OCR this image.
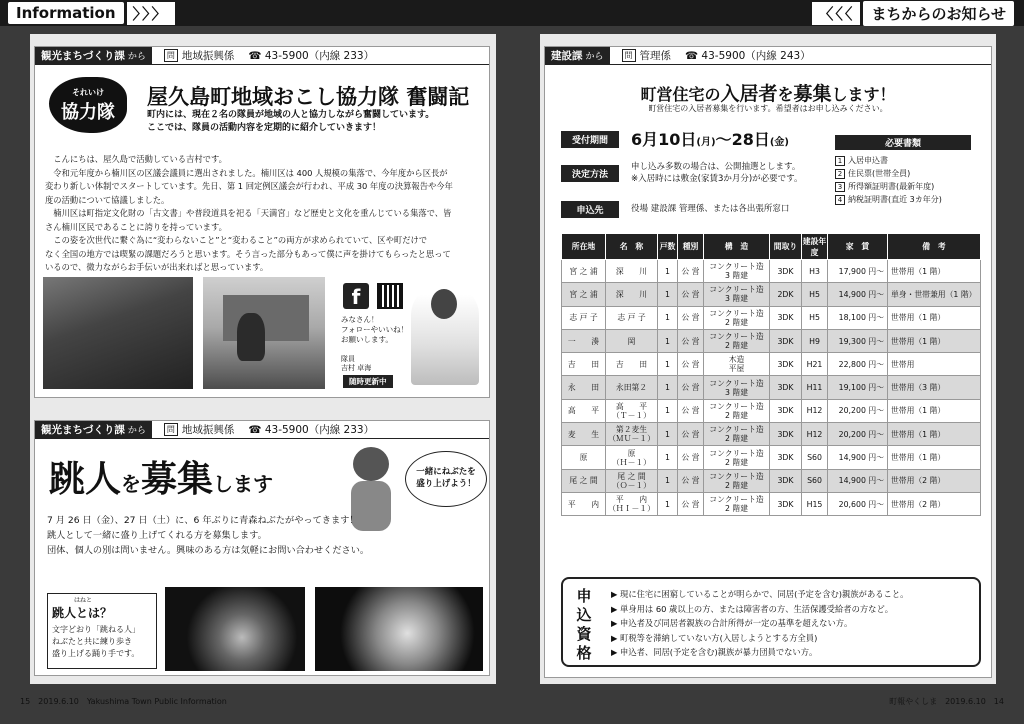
Information	〉〉〉	〈〈〈	まちからのお知らせ
観光まちづくり課 から	問 地域振興係 ☎ 43-5900（内線 233）
それいけ
協力隊
屋久島町地域おこし協力隊 奮闘記
町内には、現在２名の隊員が地域の人と協力しながら奮闘しています。
ここでは、隊員の活動内容を定期的に紹介していきます！
　こんにちは、屋久島で活動している吉村です。
　令和元年度から楠川区の区議会議員に選出されました。楠川区は 400 人規模の集落で、今年度から区長が
変わり新しい体制でスタートしています。先日、第 1 回定例区議会が行われ、平成 30 年度の決算報告や今年
度の活動について協議しました。
　楠川区は町指定文化財の「古文書」や普段道具を祀る「天満宮」など歴史と文化を重んじている集落で、皆
さん楠川区民であることに誇りを持っています。
　この姿を次世代に繋ぐ為に“変わらないこと”と“変わること”の両方が求められていて、区や町だけで
なく全国の地方では喫緊の課題だろうと思います。そう言った部分もあって僕に声を掛けてもらったと思って
いるので、微力ながらお手伝いが出来ればと思っています。
f
みなさん！
フォローやいいね！
お願いします。
隊員
吉村 卓海
随時更新中
観光まちづくり課 から	問 地域振興係 ☎ 43-5900（内線 233）
跳人を募集します	一緒にねぶたを
盛り上げよう！
7 月 26 日（金）、27 日（土）に、6 年ぶりに青森ねぶたがやってきます！
跳人として一緒に盛り上げてくれる方を募集します。
団体、個人の別は問いません。興味のある方は気軽にお問い合わせください。
はねと
跳人とは？
文字どおり「跳ねる人」
ねぶたと共に練り歩き
盛り上げる踊り手です。
建設課 から	問 管理係 ☎ 43-5900（内線 243）
町営住宅の入居者を募集します！
町営住宅の入居者募集を行います。希望者はお申し込みください。
受付期間	6月10日(月)～28日(金)
決定方法
申し込み多数の場合は、公開抽選とします。
※入居時には敷金(家賃3か月分)が必要です。
申込先	役場 建設課 管理係、または各出張所窓口
必要書類
1 入居申込書
2 住民票(世帯全員)
3 所得額証明書(最新年度)
4 納税証明書(直近 3カ年分)
所在地	名　称	戸数	種別	構　造	間取り	建設年度	家　賃	備　考
宮 之 浦	深　　川	1	公 営	コンクリート造
3 階建	3DK	H3	17,900 円～	世帯用（1 階）
宮 之 浦	深　　川	1	公 営	コンクリート造
3 階建	2DK	H5	14,900 円～	単身・世帯兼用（1 階）
志 戸 子	志 戸 子	1	公 営	コンクリート造
2 階建	3DK	H5	18,100 円～	世帯用（1 階）
一　　湊	岡	1	公 営	コンクリート造
2 階建	3DK	H9	19,300 円～	世帯用（1 階）
吉　　田	吉　　田	1	公 営	木造
平屋	3DK	H21	22,800 円～	世帯用
永　　田	永田第２	1	公 営	コンクリート造
3 階建	3DK	H11	19,100 円～	世帯用（3 階）
高　　平	高　　平
（Ｔ－１）	1	公 営	コンクリート造
2 階建	3DK	H12	20,200 円～	世帯用（1 階）
麦　　生	第２麦生
（ＭＵ－１）	1	公 営	コンクリート造
2 階建	3DK	H12	20,200 円～	世帯用（1 階）
原	原
（Ｈ－１）	1	公 営	コンクリート造
2 階建	3DK	S60	14,900 円～	世帯用（1 階）
尾 之 間	尾 之 間
（Ｏ－１）	1	公 営	コンクリート造
2 階建	3DK	S60	14,900 円～	世帯用（2 階）
平　　内	平　　内
（ＨＩ－１）	1	公 営	コンクリート造
2 階建	3DK	H15	20,600 円～	世帯用（2 階）
申込資格
▶ 現に住宅に困窮していることが明らかで、同居(予定を含む)親族があること。
▶ 単身用は 60 歳以上の方、または障害者の方、生活保護受給者の方など。
▶ 申込者及び同居者親族の合計所得が一定の基準を超えない方。
▶ 町税等を滞納していない方(入居しようとする方全員)
▶ 申込者、同居(予定を含む)親族が暴力団員でない方。
15　2019.6.10　Yakushima Town Public Information	町報やくしま　2019.6.10　14
